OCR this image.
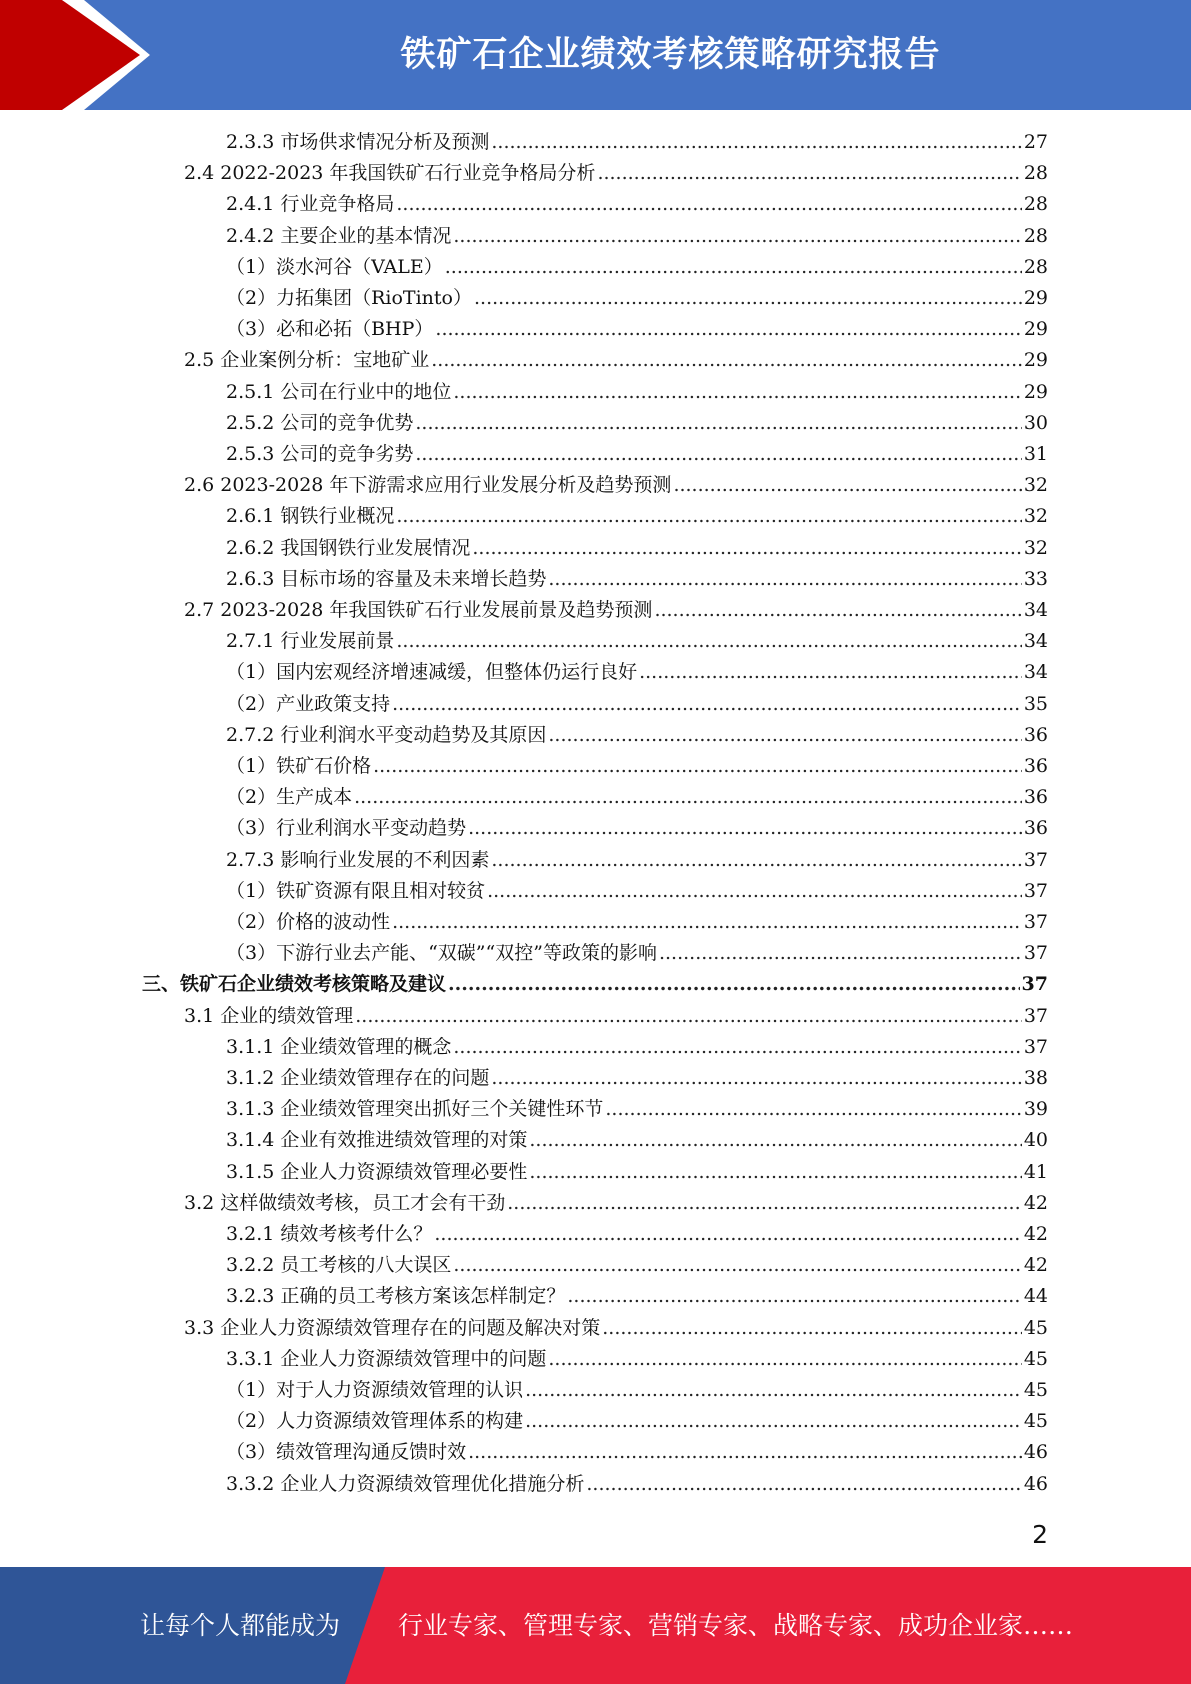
铁矿石企业绩效考核策略研究报告
2.3.3 市场供求情况分析及预测 .....	27
2.4 2022-2023 年我国铁矿石行业竞争格局分析 .....	28
2.4.1 行业竞争格局 .....	28
2.4.2 主要企业的基本情况 .....	28
（1）淡水河谷（VALE） .....	28
（2）力拓集团（RioTinto） .....	29
（3）必和必拓（BHP） .....	29
2.5 企业案例分析：宝地矿业 .....	29
2.5.1 公司在行业中的地位 .....	29
2.5.2 公司的竞争优势 .....	30
2.5.3 公司的竞争劣势 .....	31
2.6 2023-2028 年下游需求应用行业发展分析及趋势预测 .....	32
2.6.1 钢铁行业概况 .....	32
2.6.2 我国钢铁行业发展情况 .....	32
2.6.3 目标市场的容量及未来增长趋势 .....	33
2.7 2023-2028 年我国铁矿石行业发展前景及趋势预测 .....	34
2.7.1 行业发展前景 .....	34
（1）国内宏观经济增速减缓，但整体仍运行良好 .....	34
（2）产业政策支持 .....	35
2.7.2 行业利润水平变动趋势及其原因 .....	36
（1）铁矿石价格 .....	36
（2）生产成本 .....	36
（3）行业利润水平变动趋势 .....	36
2.7.3 影响行业发展的不利因素 .....	37
（1）铁矿资源有限且相对较贫 .....	37
（2）价格的波动性 .....	37
（3）下游行业去产能、“双碳”“双控”等政策的影响 .....	37
三、铁矿石企业绩效考核策略及建议 .....	37
3.1 企业的绩效管理 .....	37
3.1.1 企业绩效管理的概念 .....	37
3.1.2 企业绩效管理存在的问题 .....	38
3.1.3 企业绩效管理突出抓好三个关键性环节 .....	39
3.1.4 企业有效推进绩效管理的对策 .....	40
3.1.5 企业人力资源绩效管理必要性 .....	41
3.2 这样做绩效考核，员工才会有干劲 .....	42
3.2.1 绩效考核考什么？ .....	42
3.2.2 员工考核的八大误区 .....	42
3.2.3 正确的员工考核方案该怎样制定？ .....	44
3.3 企业人力资源绩效管理存在的问题及解决对策 .....	45
3.3.1 企业人力资源绩效管理中的问题 .....	45
（1）对于人力资源绩效管理的认识 .....	45
（2）人力资源绩效管理体系的构建 .....	45
（3）绩效管理沟通反馈时效 .....	46
3.3.2 企业人力资源绩效管理优化措施分析 .....	46
2
让每个人都能成为 行业专家、管理专家、营销专家、战略专家、成功企业家……
